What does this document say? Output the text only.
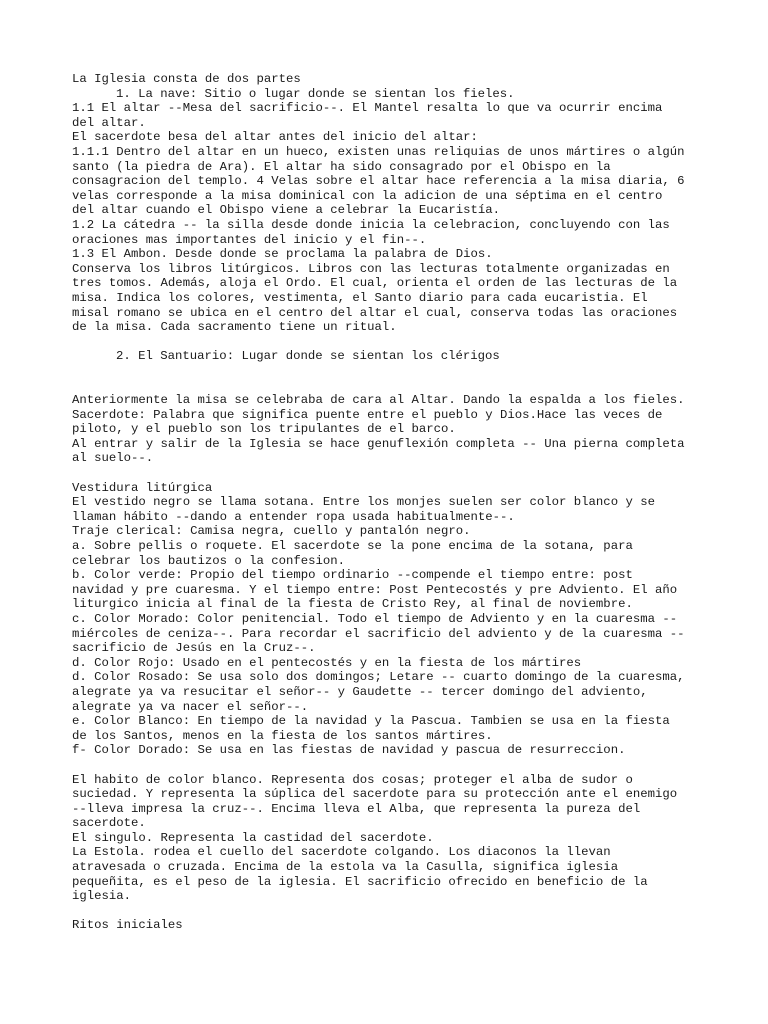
La Iglesia consta de dos partes
1. La nave: Sitio o lugar donde se sientan los fieles.
1.1 El altar --Mesa del sacrificio--. El Mantel resalta lo que va ocurrir encima
del altar.
El sacerdote besa del altar antes del inicio del altar:
1.1.1 Dentro del altar en un hueco, existen unas reliquias de unos mártires o algún
santo (la piedra de Ara). El altar ha sido consagrado por el Obispo en la
consagracion del templo. 4 Velas sobre el altar hace referencia a la misa diaria, 6
velas corresponde a la misa dominical con la adicion de una séptima en el centro
del altar cuando el Obispo viene a celebrar la Eucaristía.
1.2 La cátedra -- la silla desde donde inicia la celebracion, concluyendo con las
oraciones mas importantes del inicio y el fin--.
1.3 El Ambon. Desde donde se proclama la palabra de Dios.
Conserva los libros litúrgicos. Libros con las lecturas totalmente organizadas en
tres tomos. Además, aloja el Ordo. El cual, orienta el orden de las lecturas de la
misa. Indica los colores, vestimenta, el Santo diario para cada eucaristia. El
misal romano se ubica en el centro del altar el cual, conserva todas las oraciones
de la misa. Cada sacramento tiene un ritual.
2. El Santuario: Lugar donde se sientan los clérigos
Anteriormente la misa se celebraba de cara al Altar. Dando la espalda a los fieles.
Sacerdote: Palabra que significa puente entre el pueblo y Dios.Hace las veces de
piloto, y el pueblo son los tripulantes de el barco.
Al entrar y salir de la Iglesia se hace genuflexión completa -- Una pierna completa
al suelo--.
Vestidura litúrgica
El vestido negro se llama sotana. Entre los monjes suelen ser color blanco y se
llaman hábito --dando a entender ropa usada habitualmente--.
Traje clerical: Camisa negra, cuello y pantalón negro.
a. Sobre pellis o roquete. El sacerdote se la pone encima de la sotana, para
celebrar los bautizos o la confesion.
b. Color verde: Propio del tiempo ordinario --compende el tiempo entre: post
navidad y pre cuaresma. Y el tiempo entre: Post Pentecostés y pre Adviento. El año
liturgico inicia al final de la fiesta de Cristo Rey, al final de noviembre.
c. Color Morado: Color penitencial. Todo el tiempo de Adviento y en la cuaresma --
miércoles de ceniza--. Para recordar el sacrificio del adviento y de la cuaresma --
sacrificio de Jesús en la Cruz--.
d. Color Rojo: Usado en el pentecostés y en la fiesta de los mártires
d. Color Rosado: Se usa solo dos domingos; Letare -- cuarto domingo de la cuaresma,
alegrate ya va resucitar el señor-- y Gaudette -- tercer domingo del adviento,
alegrate ya va nacer el señor--.
e. Color Blanco: En tiempo de la navidad y la Pascua. Tambien se usa en la fiesta
de los Santos, menos en la fiesta de los santos mártires.
f- Color Dorado: Se usa en las fiestas de navidad y pascua de resurreccion.
El habito de color blanco. Representa dos cosas; proteger el alba de sudor o
suciedad. Y representa la súplica del sacerdote para su protección ante el enemigo
--lleva impresa la cruz--. Encima lleva el Alba, que representa la pureza del
sacerdote.
El singulo. Representa la castidad del sacerdote.
La Estola. rodea el cuello del sacerdote colgando. Los diaconos la llevan
atravesada o cruzada. Encima de la estola va la Casulla, significa iglesia
pequeñita, es el peso de la iglesia. El sacrificio ofrecido en beneficio de la
iglesia.
Ritos iniciales
